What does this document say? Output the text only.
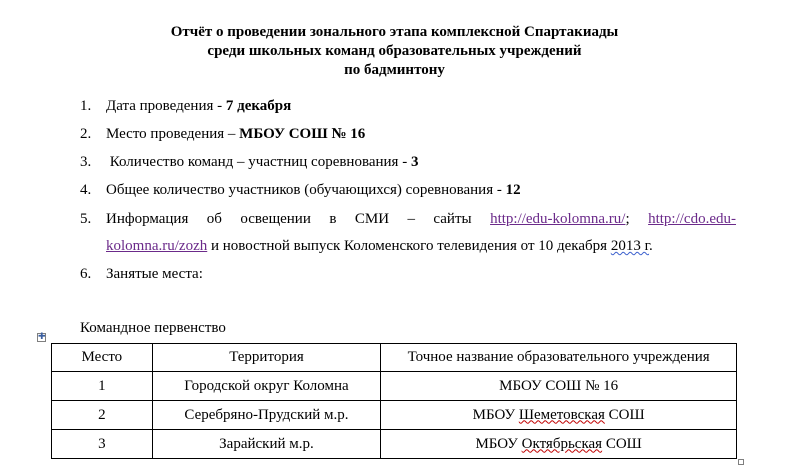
Отчёт о проведении зонального этапа комплексной Спартакиады
среди школьных команд образовательных учреждений
по бадминтону
1. Дата проведения - 7 декабря
2. Место проведения – МБОУ СОШ № 16
3. Количество команд – участниц соревнования - 3
4. Общее количество участников (обучающихся) соревнования - 12
5. Информация об освещении в СМИ – сайты http://edu-kolomna.ru/; http://cdo.edu-
kolomna.ru/zozh и новостной выпуск Коломенского телевидения от 10 декабря 2013 г.
6. Занятые места:
Командное первенство
✚
Место	Территория	Точное название образовательного учреждения
1	Городской округ Коломна	МБОУ СОШ № 16
2	Серебряно-Прудский м.р.	МБОУ Шеметовская СОШ
3	Зарайский м.р.	МБОУ Октябрьская СОШ
